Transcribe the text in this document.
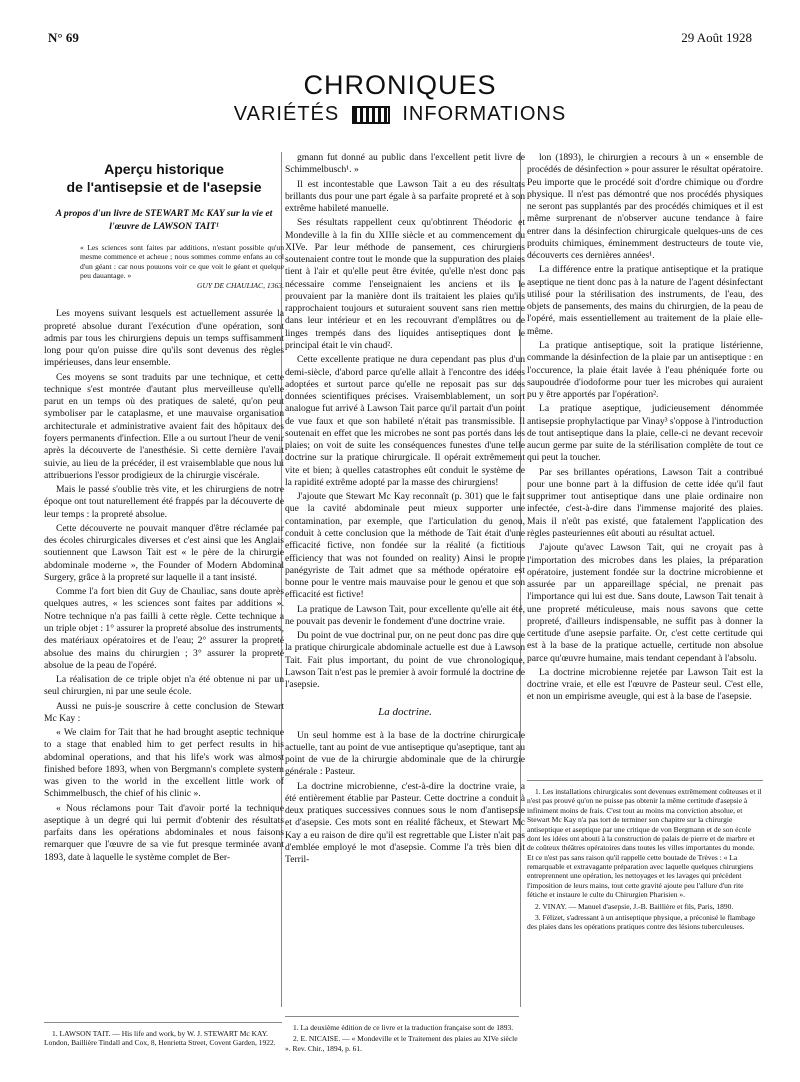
N° 69	29 Août 1928
CHRONIQUES
VARIÉTÉS	INFORMATIONS
Aperçu historique
de l'antisepsie et de l'asepsie
A propos d'un livre de STEWART Mc KAY sur la vie et l'œuvre de LAWSON TAIT¹
« Les sciences sont faites par additions, n'estant possible qu'un mesme commence et acheue ; nous sommes comme enfans au col d'un géant : car nous pouuons voir ce que voit le géant et quelque peu dauantage. »
GUY DE CHAULIAC, 1363.

Les moyens suivant lesquels est actuellement assurée la propreté absolue durant l'exécution d'une opération, sont admis par tous les chirurgiens depuis un temps suffisamment long pour qu'on puisse dire qu'ils sont devenus des règles impérieuses, dans leur ensemble.

Ces moyens se sont traduits par une technique, et cette technique s'est montrée d'autant plus merveilleuse qu'elle parut en un temps où des pratiques de saleté, qu'on peut symboliser par le cataplasme, et une mauvaise organisation architecturale et administrative avaient fait des hôpitaux des foyers permanents d'infection. Elle a ou surtout l'heur de venir après la découverte de l'anesthésie. Si cette dernière l'avait suivie, au lieu de la précéder, il est vraisemblable que nous lui attribuerions l'essor prodigieux de la chirurgie viscérale.

Mais le passé s'oublie très vite, et les chirurgiens de notre époque ont tout naturellement été frappés par la découverte de leur temps : la propreté absolue.

Cette découverte ne pouvait manquer d'être réclamée par des écoles chirurgicales diverses et c'est ainsi que les Anglais soutiennent que Lawson Tait est « le père de la chirurgie abdominale moderne », the Founder of Modern Abdominal Surgery, grâce à la propreté sur laquelle il a tant insisté.

Comme l'a fort bien dit Guy de Chauliac, sans doute après quelques autres, « les sciences sont faites par additions ». Notre technique n'a pas failli à cette règle. Cette technique a un triple objet : 1° assurer la propreté absolue des instruments, des matériaux opératoires et de l'eau; 2° assurer la propreté absolue des mains du chirurgien ; 3° assurer la propreté absolue de la peau de l'opéré.

La réalisation de ce triple objet n'a été obtenue ni par un seul chirurgien, ni par une seule école.

Aussi ne puis-je souscrire à cette conclusion de Stewart Mc Kay :

« We claim for Tait that he had brought aseptic technique to a stage that enabled him to get perfect results in his abdominal operations, and that his life's work was almost finished before 1893, when von Bergmann's complete system was given to the world in the excellent little work of Schimmelbusch, the chief of his clinic ».

« Nous réclamons pour Tait d'avoir porté la technique aseptique à un degré qui lui permit d'obtenir des résultats parfaits dans les opérations abdominales et nous faisons remarquer que l'œuvre de sa vie fut presque terminée avant 1893, date à laquelle le système complet de Ber-

gmann fut donné au public dans l'excellent petit livre de Schimmelbusch¹. »

Il est incontestable que Lawson Tait a eu des résultats brillants dus pour une part égale à sa parfaite propreté et à son extrême habileté manuelle.

Ses résultats rappellent ceux qu'obtinrent Théodoric et Mondeville à la fin du XIIIe siècle et au commencement du XIVe. Par leur méthode de pansement, ces chirurgiens soutenaient contre tout le monde que la suppuration des plaies tient à l'air et qu'elle peut être évitée, qu'elle n'est donc pas nécessaire comme l'enseignaient les anciens et ils le prouvaient par la manière dont ils traitaient les plaies qu'ils rapprochaient toujours et suturaient souvent sans rien mettre dans leur intérieur et en les recouvrant d'emplâtres ou de linges trempés dans des liquides antiseptiques dont le principal était le vin chaud².

Cette excellente pratique ne dura cependant pas plus d'un demi-siècle, d'abord parce qu'elle allait à l'encontre des idées adoptées et surtout parce qu'elle ne reposait pas sur des données scientifiques précises. Vraisemblablement, un sort analogue fut arrivé à Lawson Tait parce qu'il partait d'un point de vue faux et que son habileté n'était pas transmissible. Il soutenait en effet que les microbes ne sont pas portés dans les plaies; on voit de suite les conséquences funestes d'une telle doctrine sur la pratique chirurgicale. Il opérait extrêmement vite et bien; à quelles catastrophes eût conduit le système de la rapidité extrême adopté par la masse des chirurgiens!

J'ajoute que Stewart Mc Kay reconnaît (p. 301) que le fait que la cavité abdominale peut mieux supporter une contamination, par exemple, que l'articulation du genou, conduit à cette conclusion que la méthode de Tait était d'une efficacité fictive, non fondée sur la réalité (a fictitious efficiency that was not founded on reality) Ainsi le propre panégyriste de Tait admet que sa méthode opératoire est bonne pour le ventre mais mauvaise pour le genou et que son efficacité est fictive!

La pratique de Lawson Tait, pour excellente qu'elle ait été, ne pouvait pas devenir le fondement d'une doctrine vraie.

Du point de vue doctrinal pur, on ne peut donc pas dire que la pratique chirurgicale abdominale actuelle est due à Lawson Tait. Fait plus important, du point de vue chronologique, Lawson Tait n'est pas le premier à avoir formulé la doctrine de l'asepsie.

La doctrine.

Un seul homme est à la base de la doctrine chirurgicale actuelle, tant au point de vue antiseptique qu'aseptique, tant au point de vue de la chirurgie abdominale que de la chirurgie générale : Pasteur.

La doctrine microbienne, c'est-à-dire la doctrine vraie, a été entièrement établie par Pasteur. Cette doctrine a conduit à deux pratiques successives connues sous le nom d'antisepsie et d'asepsie. Ces mots sont en réalité fâcheux, et Stewart Mc Kay a eu raison de dire qu'il est regrettable que Lister n'ait pas d'emblée employé le mot d'asepsie. Comme l'a très bien dit Terril-

lon (1893), le chirurgien a recours à un « ensemble de procédés de désinfection » pour assurer le résultat opératoire. Peu importe que le procédé soit d'ordre chimique ou d'ordre physique. Il n'est pas démontré que nos procédés physiques ne seront pas supplantés par des procédés chimiques et il est même surprenant de n'observer aucune tendance à faire entrer dans la désinfection chirurgicale quelques-uns de ces produits chimiques, éminemment destructeurs de toute vie, découverts ces dernières années¹.

La différence entre la pratique antiseptique et la pratique aseptique ne tient donc pas à la nature de l'agent désinfectant utilisé pour la stérilisation des instruments, de l'eau, des objets de pansements, des mains du chirurgien, de la peau de l'opéré, mais essentiellement au traitement de la plaie elle-même.

La pratique antiseptique, soit la pratique listérienne, commande la désinfection de la plaie par un antiseptique : en l'occurence, la plaie était lavée à l'eau phéniquée forte ou saupoudrée d'iodoforme pour tuer les microbes qui auraient pu y être apportés par l'opération².

La pratique aseptique, judicieusement dénommée antisepsie prophylactique par Vinay³ s'oppose à l'introduction de tout antiseptique dans la plaie, celle-ci ne devant recevoir aucun germe par suite de la stérilisation complète de tout ce qui peut la toucher.

Par ses brillantes opérations, Lawson Tait a contribué pour une bonne part à la diffusion de cette idée qu'il faut supprimer tout antiseptique dans une plaie ordinaire non infectée, c'est-à-dire dans l'immense majorité des plaies. Mais il n'eût pas existé, que fatalement l'application des règles pasteuriennes eût abouti au résultat actuel.

J'ajoute qu'avec Lawson Tait, qui ne croyait pas à l'importation des microbes dans les plaies, la préparation opératoire, justement fondée sur la doctrine microbienne et assurée par un appareillage spécial, ne prenait pas l'importance qui lui est due. Sans doute, Lawson Tait tenait à une propreté méticuleuse, mais nous savons que cette propreté, d'ailleurs indispensable, ne suffit pas à donner la certitude d'une asepsie parfaite. Or, c'est cette certitude qui est à la base de la pratique actuelle, certitude non absolue parce qu'œuvre humaine, mais tendant cependant à l'absolu.

La doctrine microbienne rejetée par Lawson Tait est la doctrine vraie, et elle est l'œuvre de Pasteur seul. C'est elle, et non un empirisme aveugle, qui est à la base de l'asepsie.

1. LAWSON TAIT. — His life and work, by W. J. STEWART Mc KAY. London, Baillière Tindall and Cox, 8, Henrietta Street, Covent Garden, 1922.

1. La deuxième édition de ce livre et la traduction française sont de 1893.

2. E. NICAISE. — « Mondeville et le Traitement des plaies au XIVe siècle ». Rev. Chir., 1894, p. 61.

1. Les installations chirurgicales sont devenues extrêmement coûteuses et il n'est pas prouvé qu'on ne puisse pas obtenir la même certitude d'asepsie à infiniment moins de frais. C'est tout au moins ma conviction absolue, et Stewart Mc Kay n'a pas tort de terminer son chapitre sur la chirurgie antiseptique et aseptique par une critique de von Bergmann et de son école dont les idées ont abouti à la construction de palais de pierre et de marbre et de coûteux théâtres opératoires dans toutes les villes importantes du monde. Et ce n'est pas sans raison qu'il rappelle cette boutade de Trèves : « La remarquable et extravagante préparation avec laquelle quelques chirurgiens entreprennent une opération, les nettoyages et les lavages qui précèdent l'imposition de leurs mains, tout cette gravité ajoute peu l'allure d'un rite fétiche et instaure le culte du Chirurgien Pharisien ».

2. VINAY. — Manuel d'asepsie, J.-B. Baillière et fils, Paris, 1890.

3. Félizet, s'adressant à un antiseptique physique, a préconisé le flambage des plaies dans les opérations pratiques contre des lésions tuberculeuses.
